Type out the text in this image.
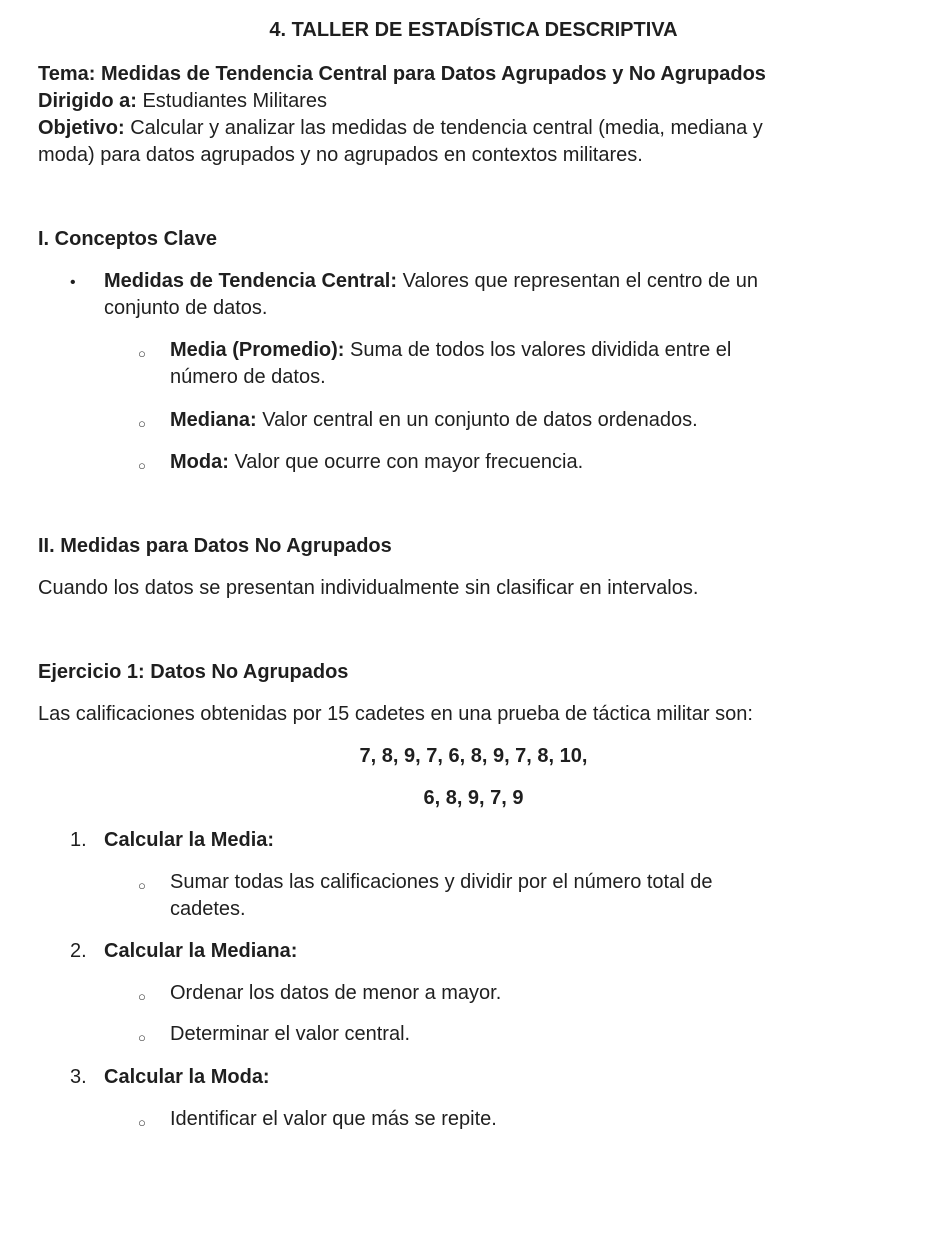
4. TALLER DE ESTADÍSTICA DESCRIPTIVA
Tema: Medidas de Tendencia Central para Datos Agrupados y No Agrupados
Dirigido a: Estudiantes Militares
Objetivo: Calcular y analizar las medidas de tendencia central (media, mediana y
moda) para datos agrupados y no agrupados en contextos militares.
I. Conceptos Clave
• Medidas de Tendencia Central: Valores que representan el centro de un
conjunto de datos.
○ Media (Promedio): Suma de todos los valores dividida entre el
número de datos.
○ Mediana: Valor central en un conjunto de datos ordenados.
○ Moda: Valor que ocurre con mayor frecuencia.
II. Medidas para Datos No Agrupados
Cuando los datos se presentan individualmente sin clasificar en intervalos.
Ejercicio 1: Datos No Agrupados
Las calificaciones obtenidas por 15 cadetes en una prueba de táctica militar son:
7, 8, 9, 7, 6, 8, 9, 7, 8, 10,
6, 8, 9, 7, 9
1. Calcular la Media:
○ Sumar todas las calificaciones y dividir por el número total de
cadetes.
2. Calcular la Mediana:
○ Ordenar los datos de menor a mayor.
○ Determinar el valor central.
3. Calcular la Moda:
○ Identificar el valor que más se repite.
